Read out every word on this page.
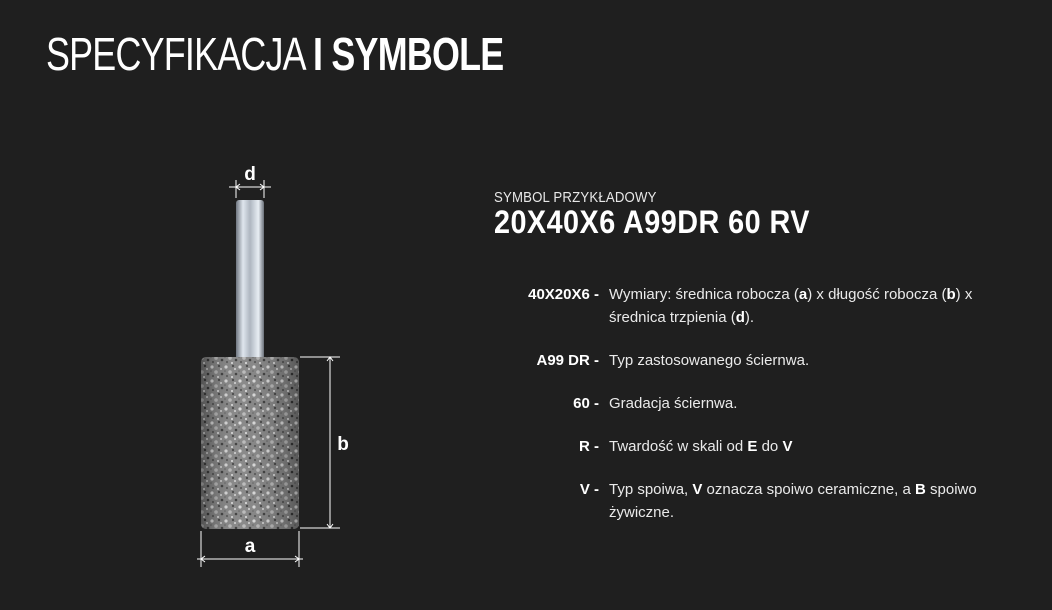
SPECYFIKACJA I SYMBOLE
d
b
a
SYMBOL PRZYKŁADOWY
20X40X6 A99DR 60 RV
40X20X6 - Wymiary: średnica robocza (a) x długość robocza (b) x średnica trzpienia (d).
A99 DR - Typ zastosowanego ściernwa.
60 - Gradacja ściernwa.
R - Twardość w skali od E do V
V - Typ spoiwa, V oznacza spoiwo ceramiczne, a B spoiwo żywiczne.
